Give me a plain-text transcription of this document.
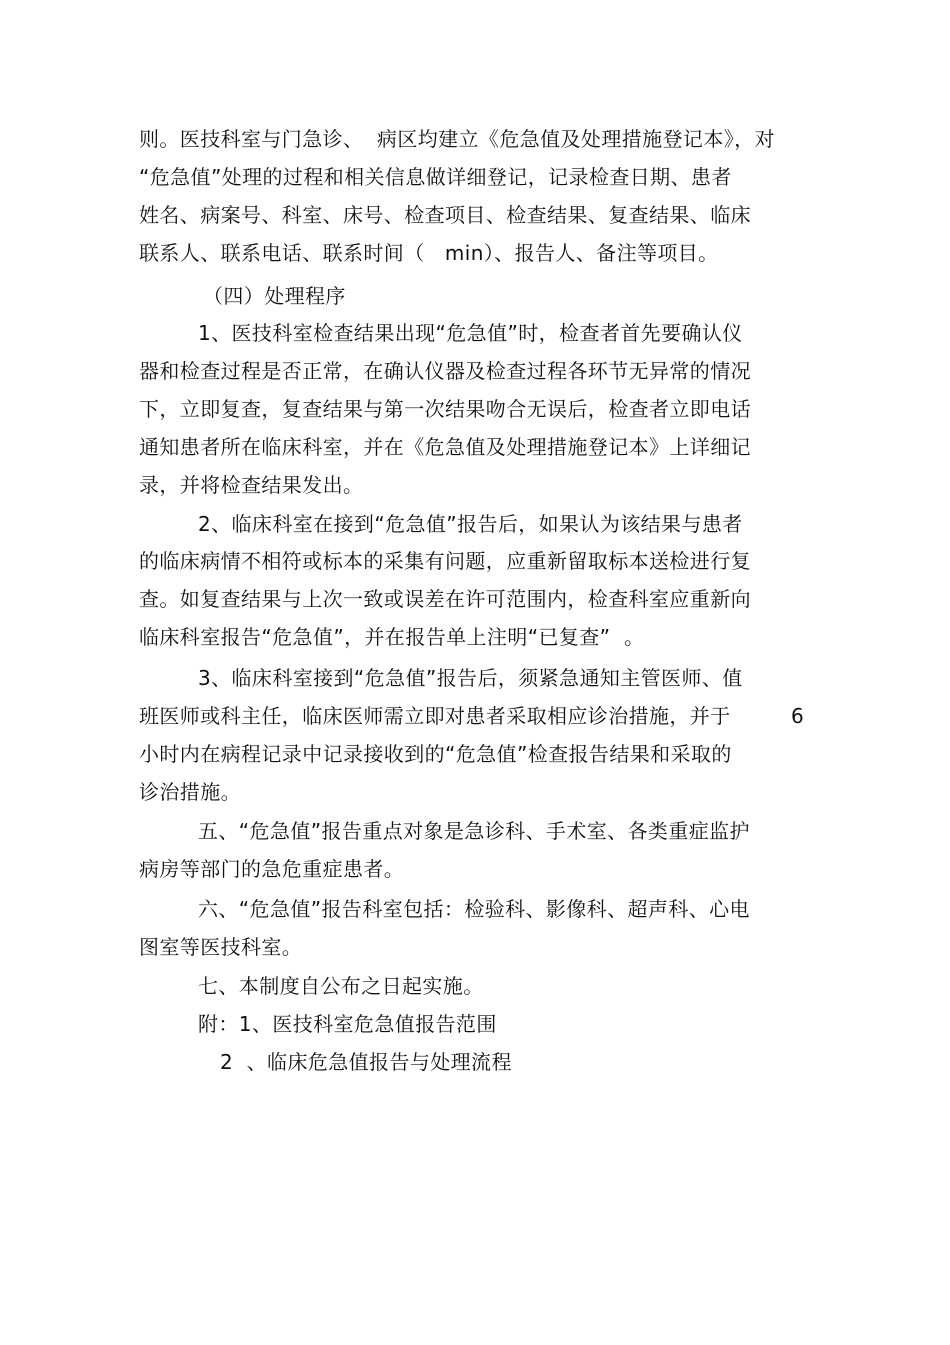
则。医技科室与门急诊、  病区均建立《危急值及处理措施登记本》，对
“危急值”处理的过程和相关信息做详细登记，记录检查日期、患者
姓名、病案号、科室、床号、检查项目、检查结果、复查结果、临床
联系人、联系电话、联系时间（   min）、报告人、备注等项目。
（四）处理程序
1、医技科室检查结果出现“危急值”时，检查者首先要确认仪
器和检查过程是否正常，在确认仪器及检查过程各环节无异常的情况
下，立即复查，复查结果与第一次结果吻合无误后，检查者立即电话
通知患者所在临床科室，并在《危急值及处理措施登记本》上详细记
录，并将检查结果发出。
2、临床科室在接到“危急值”报告后，如果认为该结果与患者
的临床病情不相符或标本的采集有问题，应重新留取标本送检进行复
查。如复查结果与上次一致或误差在许可范围内，检查科室应重新向
临床科室报告“危急值”，并在报告单上注明“已复查”  。
3、临床科室接到“危急值”报告后，须紧急通知主管医师、值
班医师或科主任，临床医师需立即对患者采取相应诊治措施，并于	6
小时内在病程记录中记录接收到的“危急值”检查报告结果和采取的
诊治措施。
五、“危急值”报告重点对象是急诊科、手术室、各类重症监护
病房等部门的急危重症患者。
六、“危急值”报告科室包括：检验科、影像科、超声科、心电
图室等医技科室。
七、本制度自公布之日起实施。
附：1、医技科室危急值报告范围
2  、临床危急值报告与处理流程
